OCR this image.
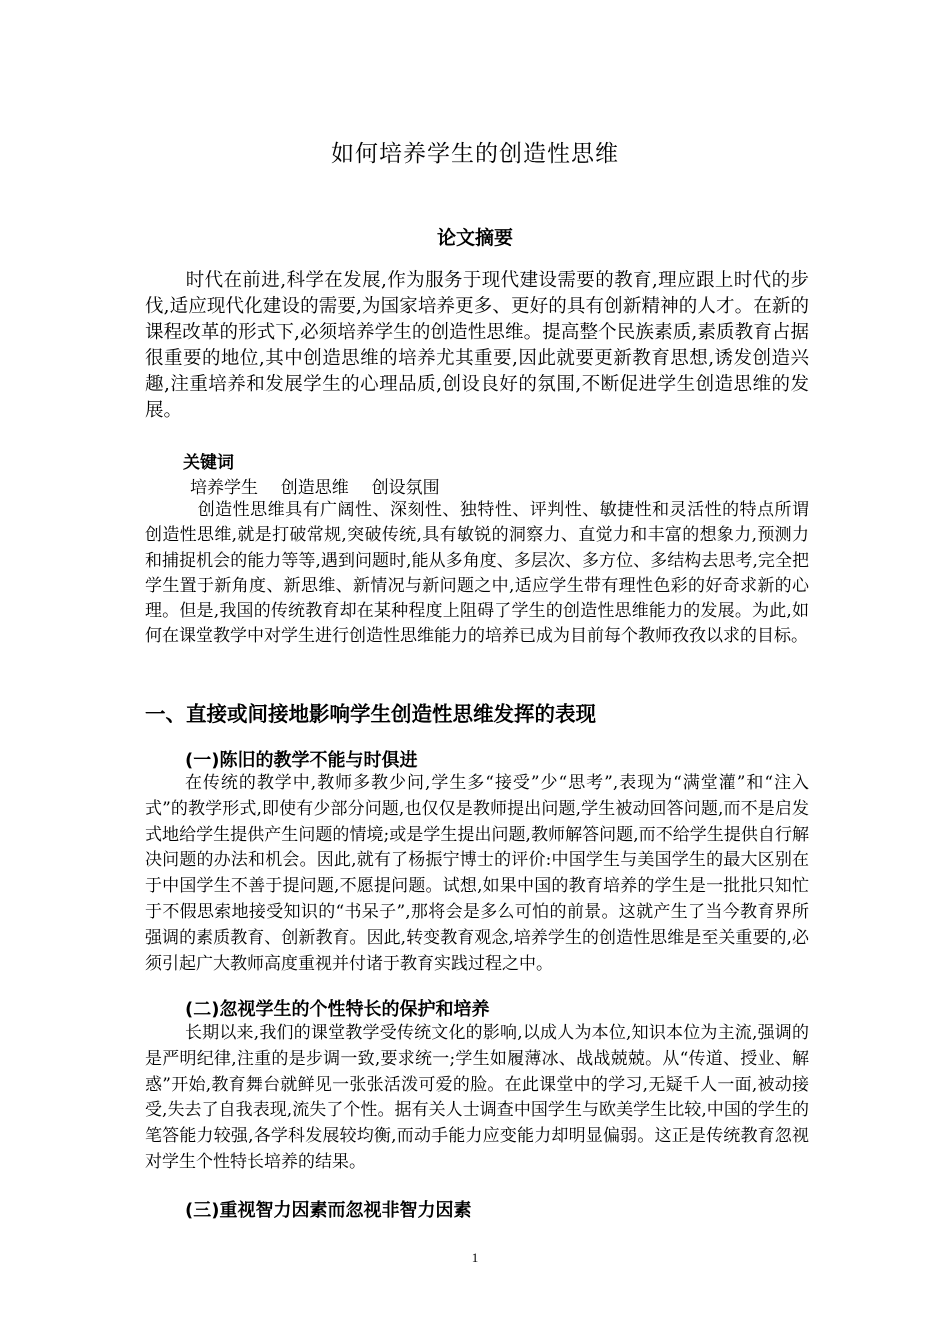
如何培养学生的创造性思维
论文摘要

时代在前进,科学在发展,作为服务于现代建设需要的教育,理应跟上时代的步伐,适应现代化建设的需要,为国家培养更多、更好的具有创新精神的人才。在新的课程改革的形式下,必须培养学生的创造性思维。提高整个民族素质,素质教育占据很重要的地位,其中创造思维的培养尤其重要,因此就要更新教育思想,诱发创造兴趣,注重培养和发展学生的心理品质,创设良好的氛围,不断促进学生创造思维的发展。

关键词
培养学生  创造思维  创设氛围

创造性思维具有广阔性、深刻性、独特性、评判性、敏捷性和灵活性的特点所谓创造性思维,就是打破常规,突破传统,具有敏锐的洞察力、直觉力和丰富的想象力,预测力和捕捉机会的能力等等,遇到问题时,能从多角度、多层次、多方位、多结构去思考,完全把学生置于新角度、新思维、新情况与新问题之中,适应学生带有理性色彩的好奇求新的心理。但是,我国的传统教育却在某种程度上阻碍了学生的创造性思维能力的发展。为此,如何在课堂教学中对学生进行创造性思维能力的培养已成为目前每个教师孜孜以求的目标。

一、直接或间接地影响学生创造性思维发挥的表现
(一)陈旧的教学不能与时俱进

在传统的教学中,教师多教少问,学生多“接受”少“思考”,表现为“满堂灌”和“注入式”的教学形式,即使有少部分问题,也仅仅是教师提出问题,学生被动回答问题,而不是启发式地给学生提供产生问题的情境;或是学生提出问题,教师解答问题,而不给学生提供自行解决问题的办法和机会。因此,就有了杨振宁博士的评价:中国学生与美国学生的最大区别在于中国学生不善于提问题,不愿提问题。试想,如果中国的教育培养的学生是一批批只知忙于不假思索地接受知识的“书呆子”,那将会是多么可怕的前景。这就产生了当今教育界所强调的素质教育、创新教育。因此,转变教育观念,培养学生的创造性思维是至关重要的,必须引起广大教师高度重视并付诸于教育实践过程之中。

(二)忽视学生的个性特长的保护和培养

长期以来,我们的课堂教学受传统文化的影响,以成人为本位,知识本位为主流,强调的是严明纪律,注重的是步调一致,要求统一;学生如履薄冰、战战兢兢。从“传道、授业、解惑”开始,教育舞台就鲜见一张张活泼可爱的脸。在此课堂中的学习,无疑千人一面,被动接受,失去了自我表现,流失了个性。据有关人士调查中国学生与欧美学生比较,中国的学生的笔答能力较强,各学科发展较均衡,而动手能力应变能力却明显偏弱。这正是传统教育忽视对学生个性特长培养的结果。

(三)重视智力因素而忽视非智力因素
1
